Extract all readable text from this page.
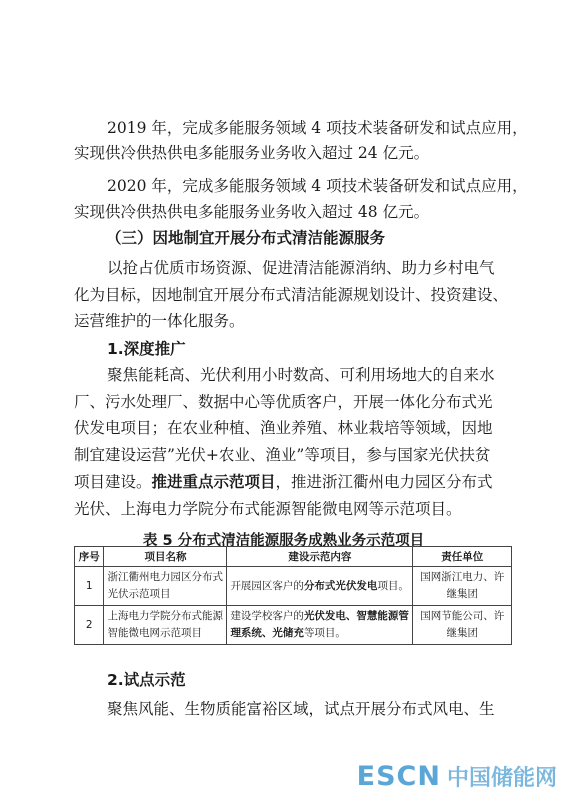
2019 年，完成多能服务领域 4 项技术装备研发和试点应用，
实现供冷供热供电多能服务业务收入超过 24 亿元。
2020 年，完成多能服务领域 4 项技术装备研发和试点应用，
实现供冷供热供电多能服务业务收入超过 48 亿元。
（三）因地制宜开展分布式清洁能源服务
以抢占优质市场资源、促进清洁能源消纳、助力乡村电气
化为目标，因地制宜开展分布式清洁能源规划设计、投资建设、
运营维护的一体化服务。
1.深度推广
聚焦能耗高、光伏利用小时数高、可利用场地大的自来水
厂、污水处理厂、数据中心等优质客户，开展一体化分布式光
伏发电项目；在农业种植、渔业养殖、林业栽培等领域，因地
制宜建设运营”光伏+农业、渔业”等项目，参与国家光伏扶贫
项目建设。推进重点示范项目，推进浙江衢州电力园区分布式
光伏、上海电力学院分布式能源智能微电网等示范项目。
表 5 分布式清洁能源服务成熟业务示范项目
序号	项目名称	建设示范内容	责任单位
1	浙江衢州电力园区分布式光伏示范项目	开展园区客户的分布式光伏发电项目。	国网浙江电力、许继集团
2	上海电力学院分布式能源智能微电网示范项目	建设学校客户的光伏发电、智慧能源管理系统、光储充等项目。	国网节能公司、许继集团
2.试点示范
聚焦风能、生物质能富裕区域，试点开展分布式风电、生
ESCN 中国储能网
